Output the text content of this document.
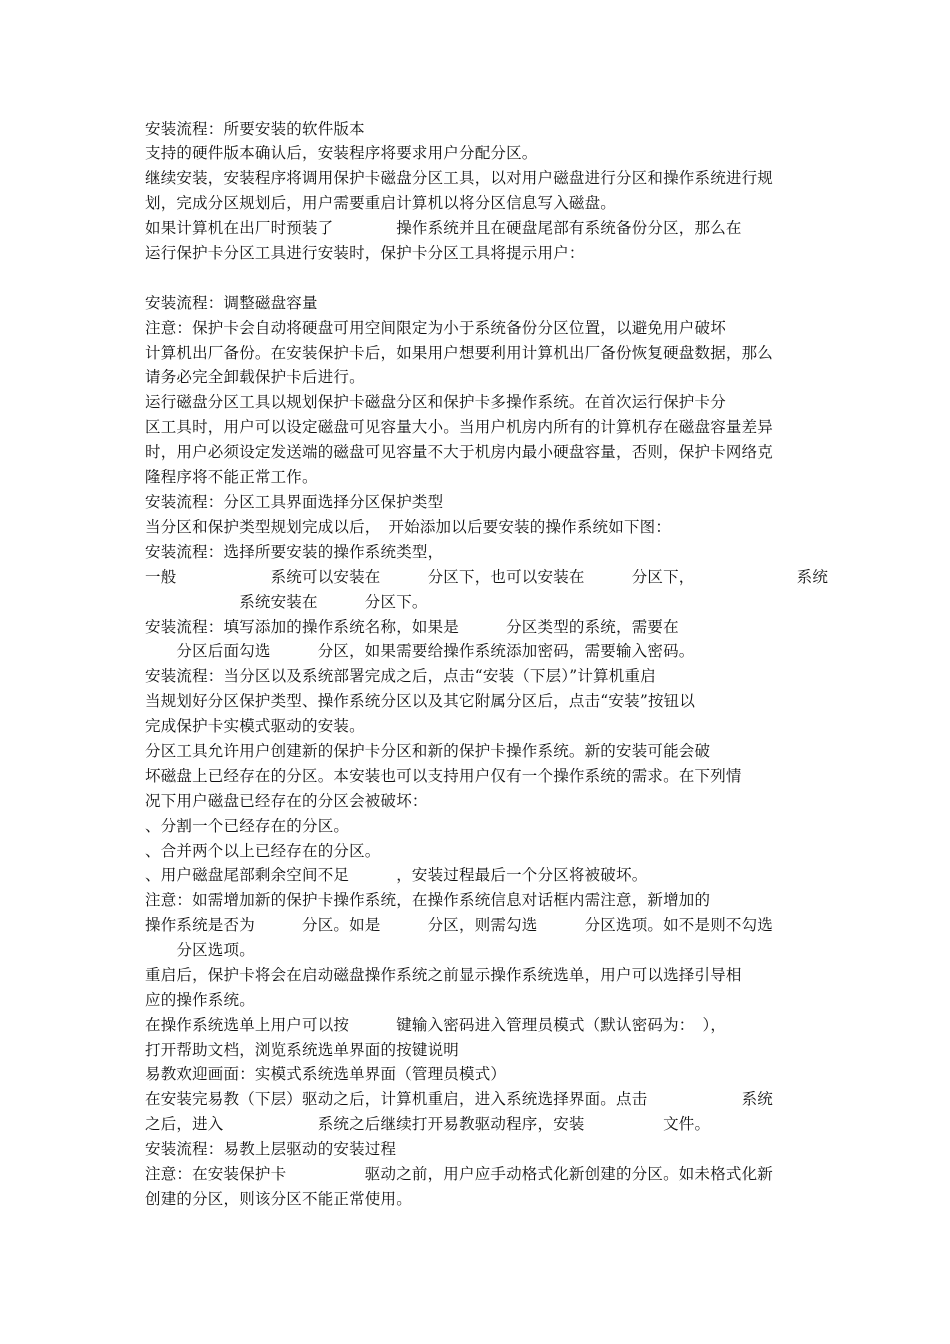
安装流程：所要安装的软件版本
支持的硬件版本确认后，安装程序将要求用户分配分区。
继续安装，安装程序将调用保护卡磁盘分区工具，以对用户磁盘进行分区和操作系统进行规
划，完成分区规划后，用户需要重启计算机以将分区信息写入磁盘。
如果计算机在出厂时预装了　　　　操作系统并且在硬盘尾部有系统备份分区，那么在
运行保护卡分区工具进行安装时，保护卡分区工具将提示用户：
安装流程：调整磁盘容量
注意：保护卡会自动将硬盘可用空间限定为小于系统备份分区位置，以避免用户破坏
计算机出厂备份。在安装保护卡后，如果用户想要利用计算机出厂备份恢复硬盘数据，那么
请务必完全卸载保护卡后进行。
运行磁盘分区工具以规划保护卡磁盘分区和保护卡多操作系统。在首次运行保护卡分
区工具时，用户可以设定磁盘可见容量大小。当用户机房内所有的计算机存在磁盘容量差异
时，用户必须设定发送端的磁盘可见容量不大于机房内最小硬盘容量，否则，保护卡网络克
隆程序将不能正常工作。
安装流程：分区工具界面选择分区保护类型
当分区和保护类型规划完成以后，　开始添加以后要安装的操作系统如下图：
安装流程：选择所要安装的操作系统类型，
一般　　　　　　系统可以安装在　　　分区下，也可以安装在　　　分区下，　　　　　　　系统
　　　　　　系统安装在　　　分区下。
安装流程：填写添加的操作系统名称，如果是　　　分区类型的系统，需要在
　　分区后面勾选　　　分区，如果需要给操作系统添加密码，需要输入密码。
安装流程：当分区以及系统部署完成之后，点击“安装（下层）”计算机重启
当规划好分区保护类型、操作系统分区以及其它附属分区后，点击“安装”按钮以
完成保护卡实模式驱动的安装。
分区工具允许用户创建新的保护卡分区和新的保护卡操作系统。新的安装可能会破
坏磁盘上已经存在的分区。本安装也可以支持用户仅有一个操作系统的需求。在下列情
况下用户磁盘已经存在的分区会被破坏：
、分割一个已经存在的分区。
、合并两个以上已经存在的分区。
、用户磁盘尾部剩余空间不足　　　，安装过程最后一个分区将被破坏。
注意：如需增加新的保护卡操作系统，在操作系统信息对话框内需注意，新增加的
操作系统是否为　　　分区。如是　　　分区，则需勾选　　　分区选项。如不是则不勾选
　　分区选项。
重启后，保护卡将会在启动磁盘操作系统之前显示操作系统选单，用户可以选择引导相
应的操作系统。
在操作系统选单上用户可以按　　　键输入密码进入管理员模式（默认密码为：　），
打开帮助文档，浏览系统选单界面的按键说明
易教欢迎画面：实模式系统选单界面（管理员模式）
在安装完易教（下层）驱动之后，计算机重启，进入系统选择界面。点击　　　　　　系统
之后，进入　　　　　　系统之后继续打开易教驱动程序，安装　　　　　文件。
安装流程：易教上层驱动的安装过程
注意：在安装保护卡　　　　　驱动之前，用户应手动格式化新创建的分区。如未格式化新
创建的分区，则该分区不能正常使用。
